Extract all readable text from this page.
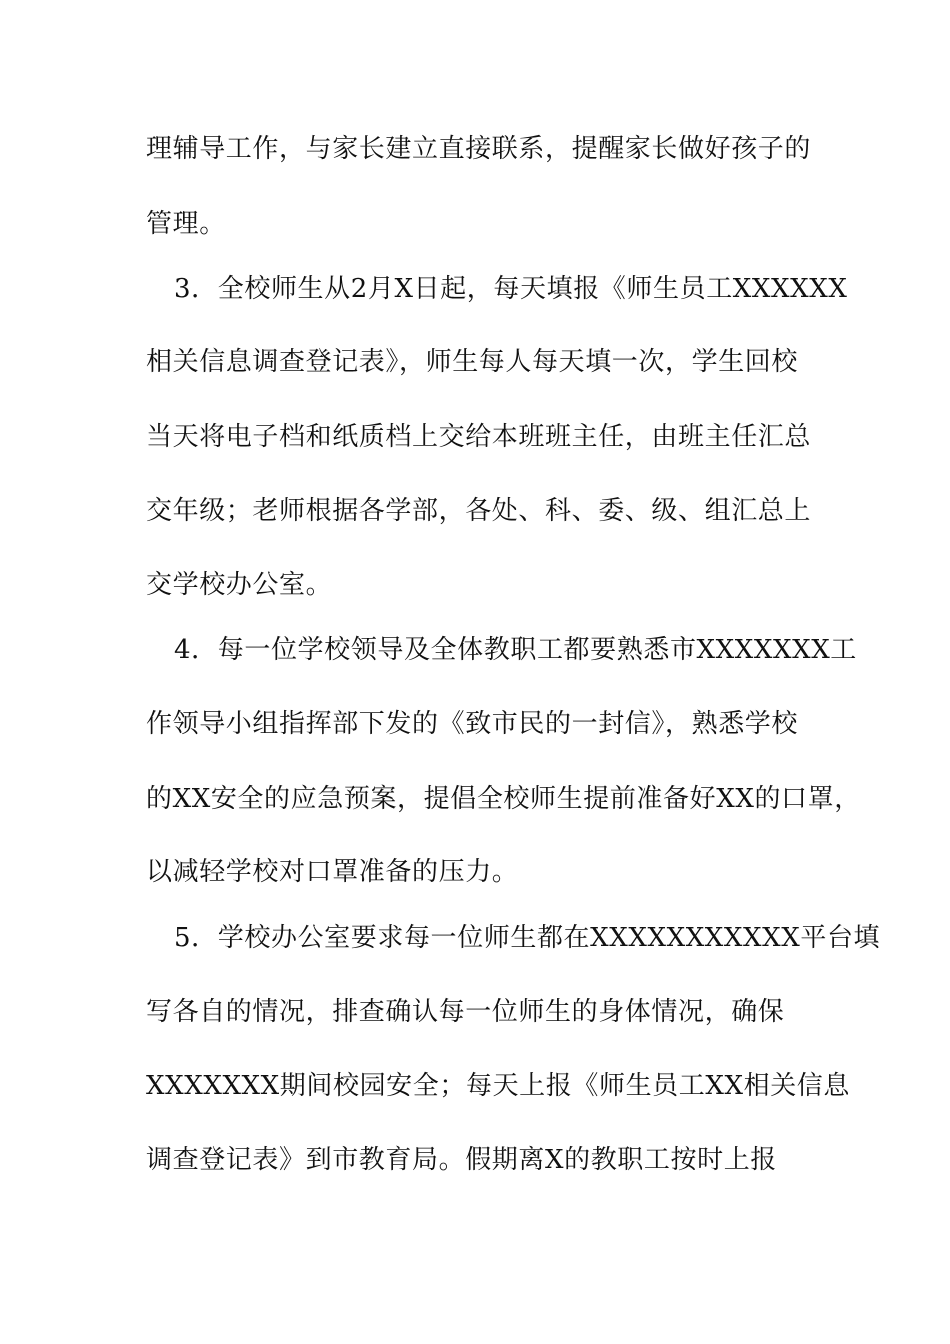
理辅导工作，与家长建立直接联系，提醒家长做好孩子的

管理。

3．全校师生从2月X日起，每天填报《师生员工XXXXXX

相关信息调查登记表》，师生每人每天填一次，学生回校

当天将电子档和纸质档上交给本班班主任，由班主任汇总

交年级；老师根据各学部，各处、科、委、级、组汇总上

交学校办公室。

4．每一位学校领导及全体教职工都要熟悉市XXXXXXX工

作领导小组指挥部下发的《致市民的一封信》，熟悉学校

的XX安全的应急预案，提倡全校师生提前准备好XX的口罩，

以减轻学校对口罩准备的压力。

5．学校办公室要求每一位师生都在XXXXXXXXXXX平台填

写各自的情况，排查确认每一位师生的身体情况，确保

XXXXXXX期间校园安全；每天上报《师生员工XX相关信息

调查登记表》到市教育局。假期离X的教职工按时上报
